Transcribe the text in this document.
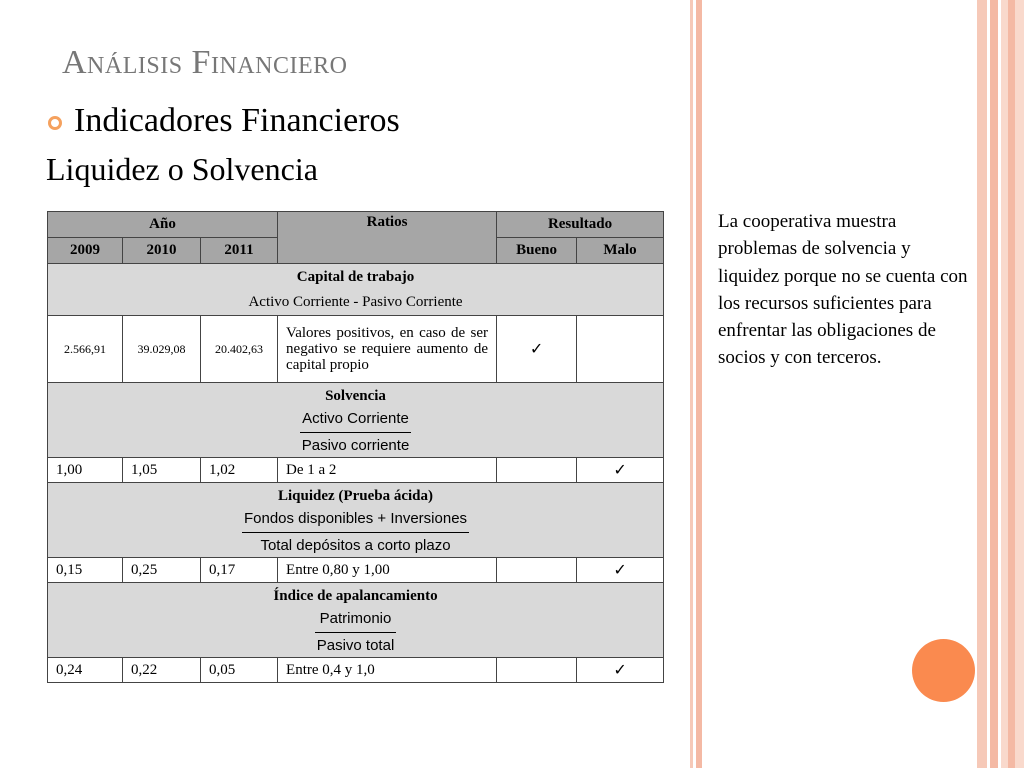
Análisis Financiero
Indicadores Financieros
Liquidez o Solvencia
Año			Ratios	Resultado	
2009	2010	2011		Bueno	Malo

Capital de trabajo
Activo Corriente - Pasivo Corriente					

2.566,91	39.029,08	20.402,63	Valores positivos, en caso de ser negativo se requiere aumento de capital propio	✓	

Solvencia
$\frac{\text{Activo Corriente}}{\text{Pasivo corriente}}$

1,00	1,05	1,02	De 1 a 2		✓

Liquidez (Prueba ácida)
$\frac{\text{Fondos disponibles + Inversiones}}{\text{Total depósitos a corto plazo}}$

0,15	0,25	0,17	Entre 0,80 y 1,00		✓

Índice de apalancamiento
$\frac{\text{Patrimonio}}{\text{Pasivo total}}$

0,24	0,22	0,05	Entre 0,4 y 1,0		✓
La cooperativa muestra problemas de solvencia y liquidez porque no se cuenta con los recursos suficientes para enfrentar las obligaciones de socios y con terceros.
